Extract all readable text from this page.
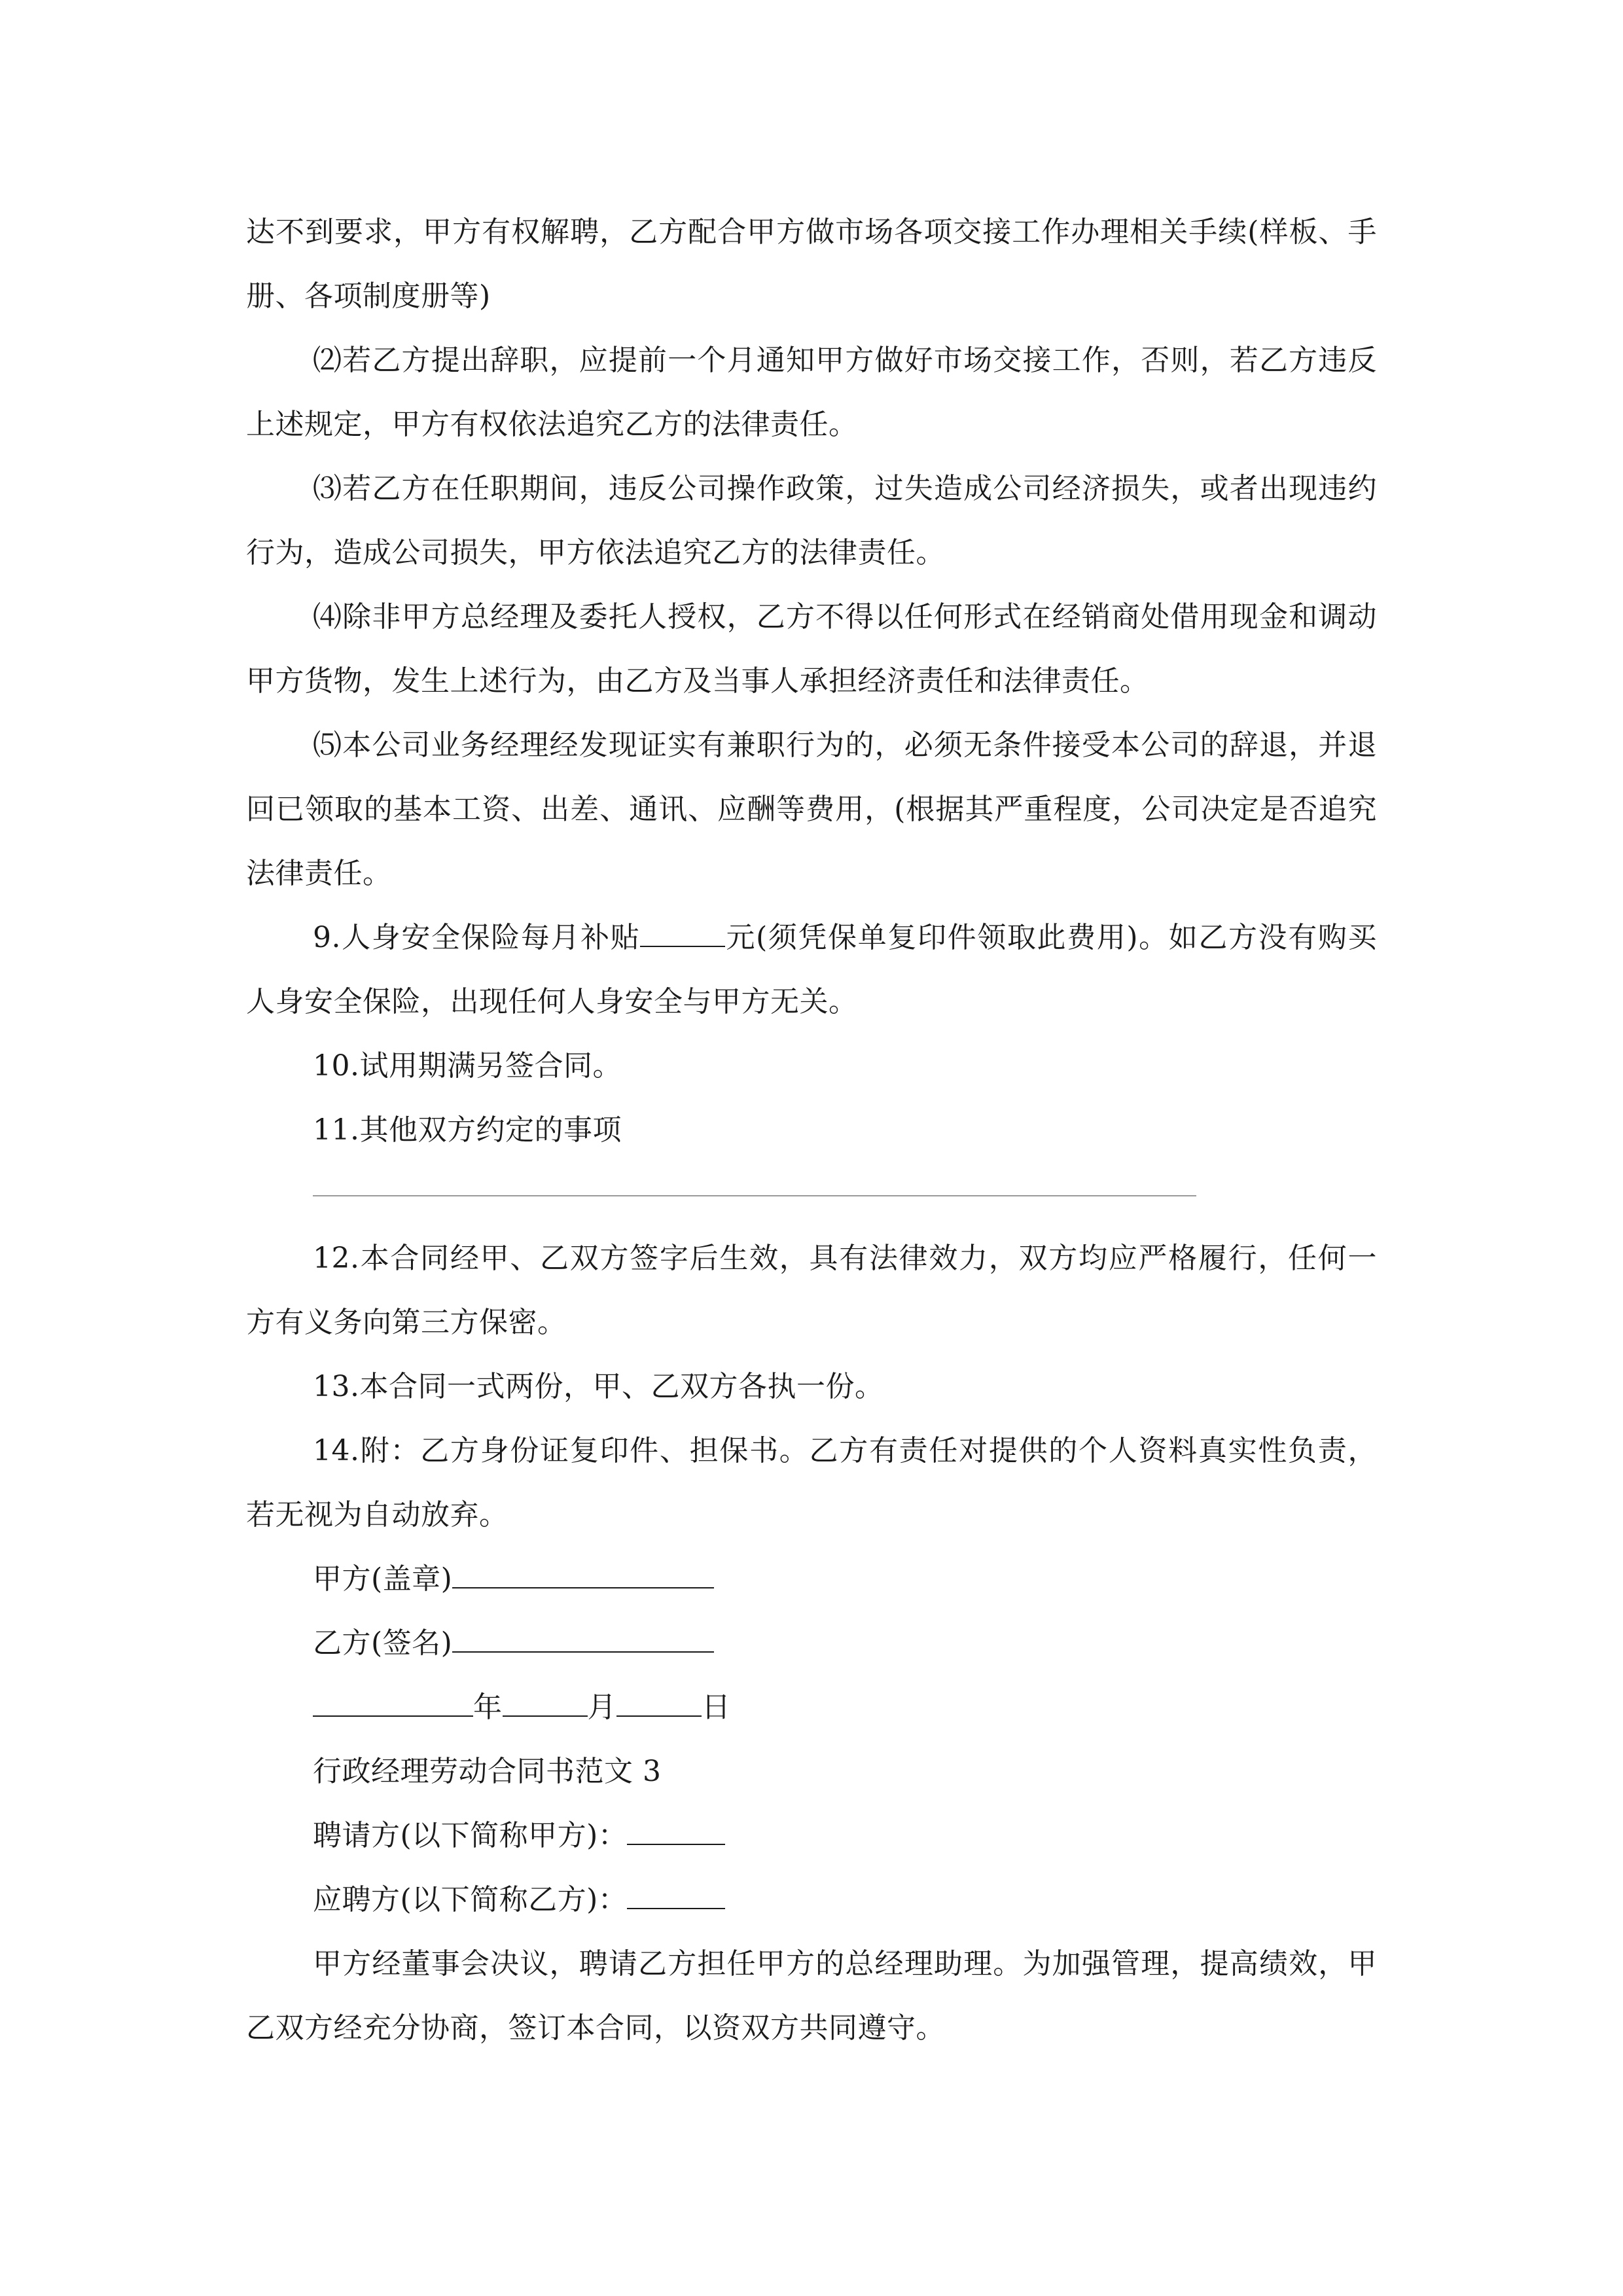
达不到要求，甲方有权解聘，乙方配合甲方做市场各项交接工作办理相关手续(样板、手册、各项制度册等)

⑵若乙方提出辞职，应提前一个月通知甲方做好市场交接工作，否则，若乙方违反上述规定，甲方有权依法追究乙方的法律责任。

⑶若乙方在任职期间，违反公司操作政策，过失造成公司经济损失，或者出现违约行为，造成公司损失，甲方依法追究乙方的法律责任。

⑷除非甲方总经理及委托人授权，乙方不得以任何形式在经销商处借用现金和调动甲方货物，发生上述行为，由乙方及当事人承担经济责任和法律责任。

⑸本公司业务经理经发现证实有兼职行为的，必须无条件接受本公司的辞退，并退回已领取的基本工资、出差、通讯、应酬等费用，(根据其严重程度，公司决定是否追究法律责任。

9.人身安全保险每月补贴	元(须凭保单复印件领取此费用)。如乙方没有购买人身安全保险，出现任何人身安全与甲方无关。

10.试用期满另签合同。

11.其他双方约定的事项

12.本合同经甲、乙双方签字后生效，具有法律效力，双方均应严格履行，任何一方有义务向第三方保密。

13.本合同一式两份，甲、乙双方各执一份。

14.附：乙方身份证复印件、担保书。乙方有责任对提供的个人资料真实性负责，若无视为自动放弃。

甲方(盖章)

乙方(签名)

年	月	日

行政经理劳动合同书范文 3

聘请方(以下简称甲方)：

应聘方(以下简称乙方)：

甲方经董事会决议，聘请乙方担任甲方的总经理助理。为加强管理，提高绩效，甲乙双方经充分协商，签订本合同，以资双方共同遵守。
